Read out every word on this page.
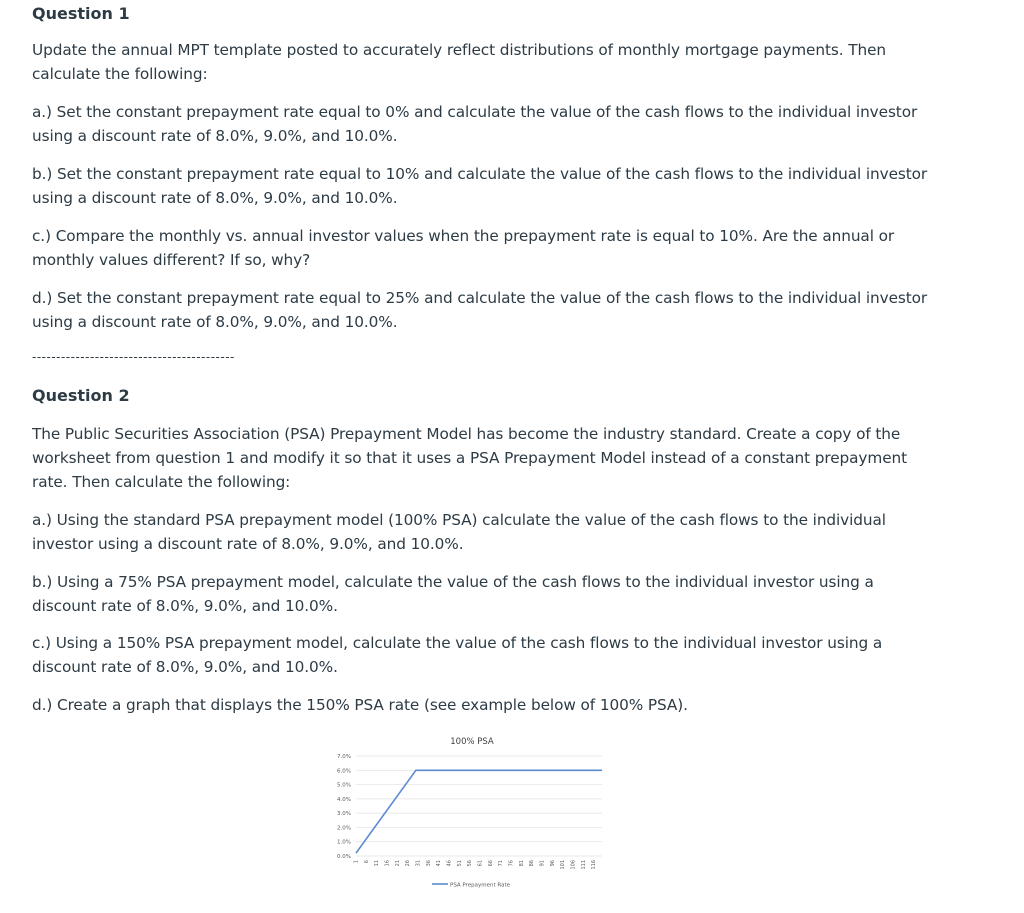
Question 1

Update the annual MPT template posted to accurately reflect distributions of monthly mortgage payments. Then calculate the following:

a.) Set the constant prepayment rate equal to 0% and calculate the value of the cash flows to the individual investor using a discount rate of 8.0%, 9.0%, and 10.0%.

b.) Set the constant prepayment rate equal to 10% and calculate the value of the cash flows to the individual investor using a discount rate of 8.0%, 9.0%, and 10.0%.

c.) Compare the monthly vs. annual investor values when the prepayment rate is equal to 10%. Are the annual or monthly values different? If so, why?

d.) Set the constant prepayment rate equal to 25% and calculate the value of the cash flows to the individual investor using a discount rate of 8.0%, 9.0%, and 10.0%.

------------------------------------------
Question 2

The Public Securities Association (PSA) Prepayment Model has become the industry standard. Create a copy of the worksheet from question 1 and modify it so that it uses a PSA Prepayment Model instead of a constant prepayment rate. Then calculate the following:

a.) Using the standard PSA prepayment model (100% PSA) calculate the value of the cash flows to the individual investor using a discount rate of 8.0%, 9.0%, and 10.0%.

b.) Using a 75% PSA prepayment model, calculate the value of the cash flows to the individual investor using a discount rate of 8.0%, 9.0%, and 10.0%.

c.) Using a 150% PSA prepayment model, calculate the value of the cash flows to the individual investor using a discount rate of 8.0%, 9.0%, and 10.0%.

d.) Create a graph that displays the 150% PSA rate (see example below of 100% PSA).

100% PSA
0.0%
1.0%
2.0%
3.0%
4.0%
5.0%
6.0%
7.0%
1 6 11 16 21 26 31 36 41 46 51 56 61 66 71 76 81 86 91 96 101 106 111 116
PSA Prepayment Rate
